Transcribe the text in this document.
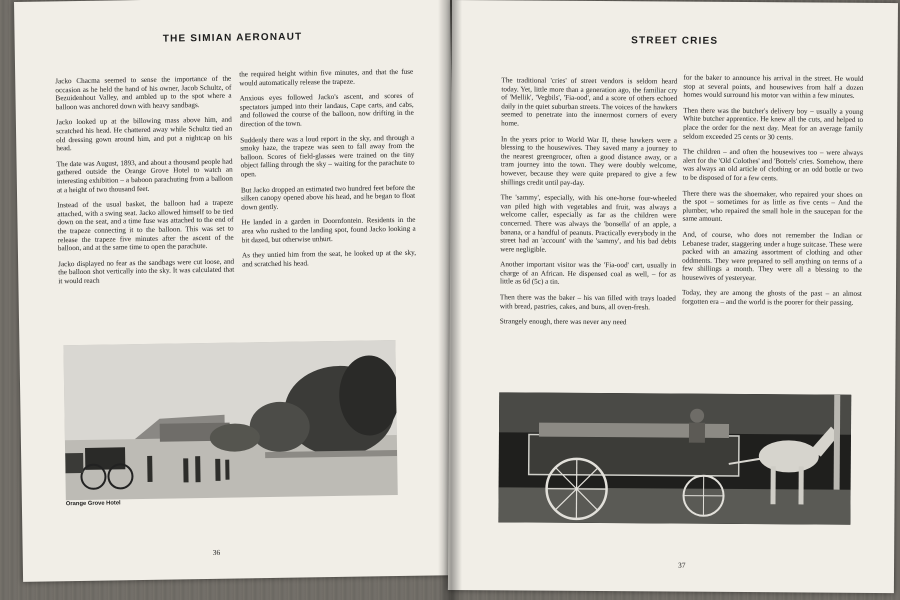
THE SIMIAN AERONAUT

Jacko Chacma seemed to sense the importance of the occasion as he held the hand of his owner, Jacob Schultz, of Bezuidenhout Valley, and ambled up to the spot where a balloon was anchored down with heavy sandbags.

Jacko looked up at the billowing mass above him, and scratched his head. He chattered away while Schultz tied an old dressing gown around him, and put a nightcap on his head.

The date was August, 1893, and about a thousand people had gathered outside the Orange Grove Hotel to watch an interesting exhibition – a baboon parachuting from a balloon at a height of two thousand feet.

Instead of the usual basket, the balloon had a trapeze attached, with a swing seat. Jacko allowed himself to be tied down on the seat, and a time fuse was attached to the end of the trapeze connecting it to the balloon. This was set to release the trapeze five minutes after the ascent of the balloon, and at the same time to open the parachute.

Jacko displayed no fear as the sandbags were cut loose, and the balloon shot vertically into the sky. It was calculated that it would reach

the required height within five minutes, and that the fuse would automatically release the trapeze.

Anxious eyes followed Jacko's ascent, and scores of spectators jumped into their landaus, Cape carts, and cabs, and followed the course of the balloon, now drifting in the direction of the town.

Suddenly there was a loud report in the sky, and through a smoky haze, the trapeze was seen to fall away from the balloon. Scores of field-glasses were trained on the tiny object falling through the sky – waiting for the parachute to open.

But Jacko dropped an estimated two hundred feet before the silken canopy opened above his head, and he began to float down gently.

He landed in a garden in Doornfontein. Residents in the area who rushed to the landing spot, found Jacko looking a bit dazed, but otherwise unhurt.

As they untied him from the seat, he looked up at the sky, and scratched his head.

Orange Grove Hotel
36
STREET CRIES

The traditional 'cries' of street vendors is seldom heard today. Yet, little more than a generation ago, the familiar cry of 'Mellik', 'Vegbils', 'Fia-ood', and a score of others echoed daily in the quiet suburban streets. The voices of the hawkers seemed to penetrate into the innermost corners of every home.

In the years prior to World War II, these hawkers were a blessing to the housewives. They saved many a journey to the nearest greengrocer, often a good distance away, or a tram journey into the town. They were doubly welcome, however, because they were quite prepared to give a few shillings credit until pay-day.

The 'sammy', especially, with his one-horse four-wheeled van piled high with vegetables and fruit, was always a welcome caller, especially as far as the children were concerned. There was always the 'bonsella' of an apple, a banana, or a handful of peanuts. Practically everybody in the street had an 'account' with the 'sammy', and his bad debts were negligible.

Another important visitor was the 'Fia-ood' cart, usually in charge of an African. He dispensed coal as well, – for as little as 6d (5c) a tin.

Then there was the baker – his van filled with trays loaded with bread, pastries, cakes, and buns, all oven-fresh.

Strangely enough, there was never any need

for the baker to announce his arrival in the street. He would stop at several points, and housewives from half a dozen homes would surround his motor van within a few minutes.

Then there was the butcher's delivery boy – usually a young White butcher apprentice. He knew all the cuts, and helped to place the order for the next day. Meat for an average family seldom exceeded 25 cents or 30 cents.

The children – and often the housewives too – were always alert for the 'Old Colothes' and 'Bottels' cries. Somehow, there was always an old article of clothing or an odd bottle or two to be disposed of for a few cents.

There there was the shoemaker, who repaired your shoes on the spot – sometimes for as little as five cents – And the plumber, who repaired the small hole in the saucepan for the same amount.

And, of course, who does not remember the Indian or Lebanese trader, staggering under a huge suitcase. These were packed with an amazing assortment of clothing and other oddments. They were prepared to sell anything on terms of a few shillings a month. They were all a blessing to the housewives of yesteryear.

Today, they are among the ghosts of the past – an almost forgotten era – and the world is the poorer for their passing.

37
